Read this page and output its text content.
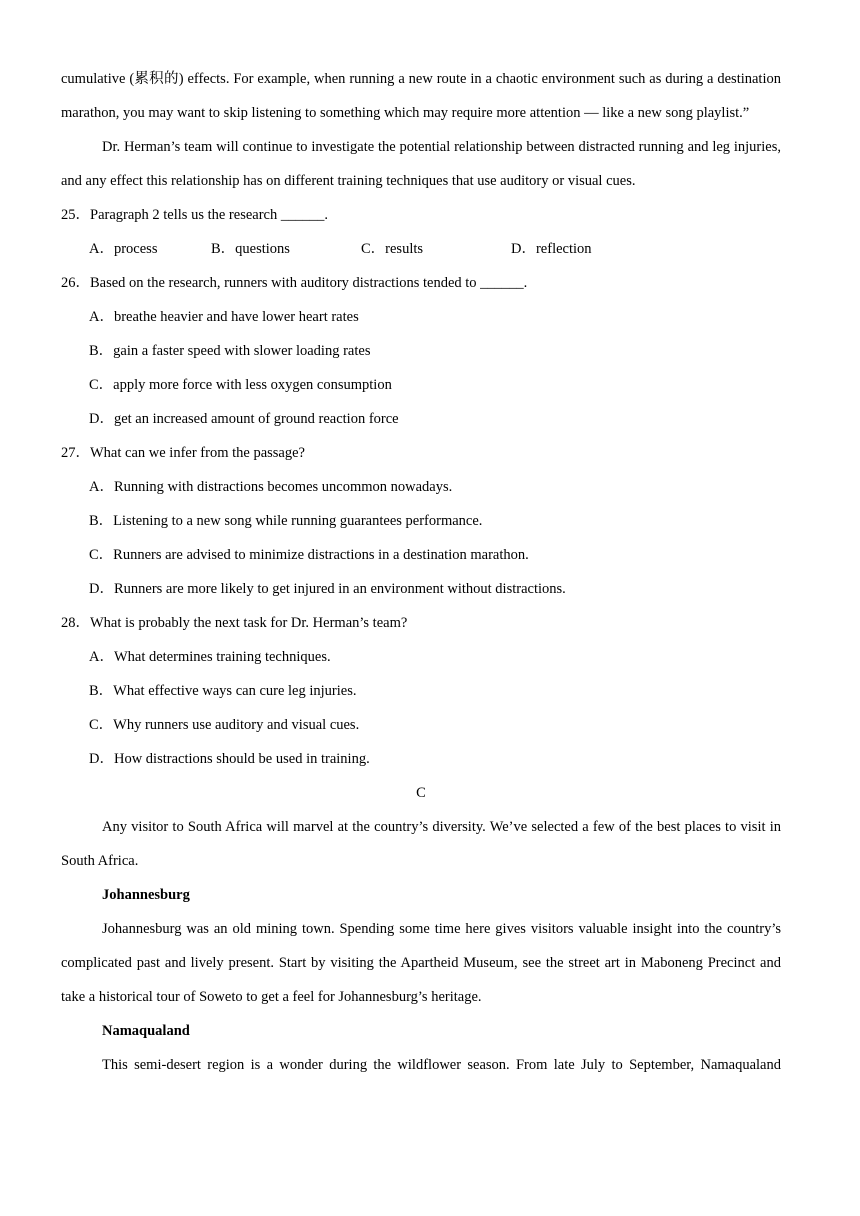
cumulative (累积的) effects. For example, when running a new route in a chaotic environment such as during a destination marathon, you may want to skip listening to something which may require more attention — like a new song playlist.”

Dr. Herman’s team will continue to investigate the potential relationship between distracted running and leg injuries, and any effect this relationship has on different training techniques that use auditory or visual cues.

25．Paragraph 2 tells us the research ______.
A．process	B．questions	C．results	D．reflection
26．Based on the research, runners with auditory distractions tended to ______.
A．breathe heavier and have lower heart rates
B．gain a faster speed with slower loading rates
C．apply more force with less oxygen consumption
D．get an increased amount of ground reaction force
27．What can we infer from the passage?
A．Running with distractions becomes uncommon nowadays.
B．Listening to a new song while running guarantees performance.
C．Runners are advised to minimize distractions in a destination marathon.
D．Runners are more likely to get injured in an environment without distractions.
28．What is probably the next task for Dr. Herman’s team?
A．What determines training techniques.
B．What effective ways can cure leg injuries.
C．Why runners use auditory and visual cues.
D．How distractions should be used in training.
C

Any visitor to South Africa will marvel at the country’s diversity. We’ve selected a few of the best places to visit in South Africa.

Johannesburg

Johannesburg was an old mining town. Spending some time here gives visitors valuable insight into the country’s complicated past and lively present. Start by visiting the Apartheid Museum, see the street art in Maboneng Precinct and take a historical tour of Soweto to get a feel for Johannesburg’s heritage.

Namaqualand

This semi-desert region is a wonder during the wildflower season. From late July to September, Namaqualand
